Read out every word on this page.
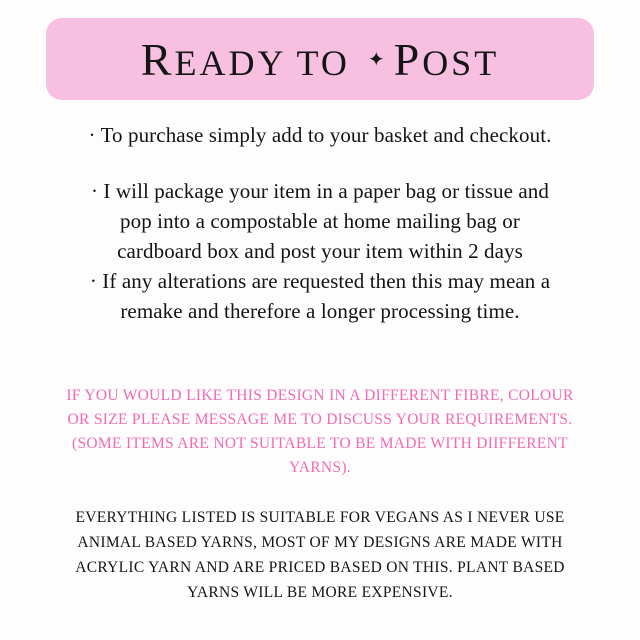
READY TO ✦ POST
· To purchase simply add to your basket and checkout.
· I will package your item in a paper bag or tissue and
pop into a compostable at home mailing bag or
cardboard box and post your item within 2 days
· If any alterations are requested then this may mean a
remake and therefore a longer processing time.
IF YOU WOULD LIKE THIS DESIGN IN A DIFFERENT FIBRE, COLOUR
OR SIZE PLEASE MESSAGE ME TO DISCUSS YOUR REQUIREMENTS.
(SOME ITEMS ARE NOT SUITABLE TO BE MADE WITH DIIFFERENT
YARNS).
EVERYTHING LISTED IS SUITABLE FOR VEGANS AS I NEVER USE
ANIMAL BASED YARNS, MOST OF MY DESIGNS ARE MADE WITH
ACRYLIC YARN AND ARE PRICED BASED ON THIS. PLANT BASED
YARNS WILL BE MORE EXPENSIVE.
